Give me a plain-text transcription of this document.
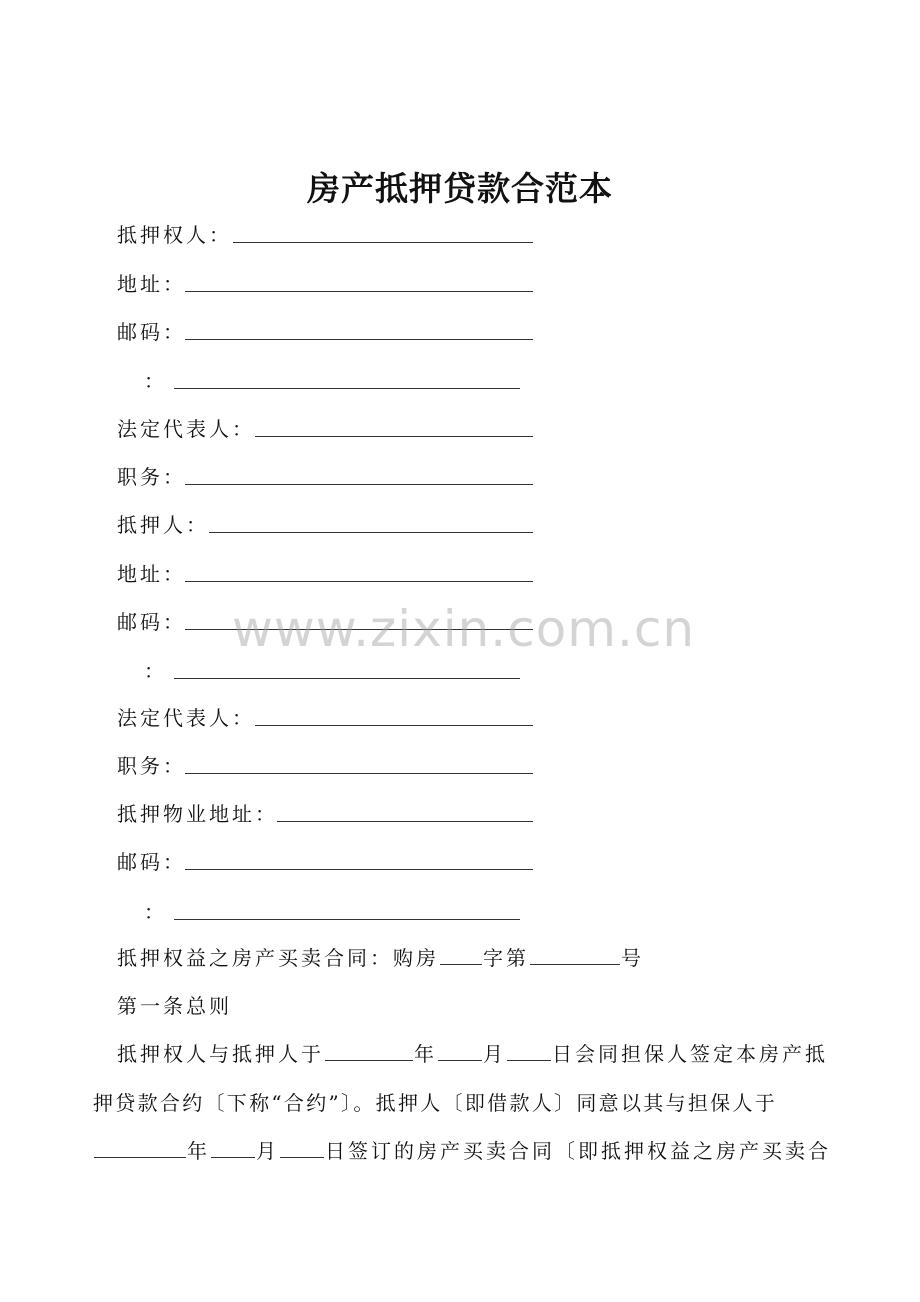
房产抵押贷款合范本
抵押权人：
地址：
邮码：
：
法定代表人：
职务：
抵押人：
地址：
邮码：
：
法定代表人：
职务：
抵押物业地址：
邮码：
：
抵押权益之房产买卖合同：购房 字第	号
第一条总则
抵押权人与抵押人于	年 月 日会同担保人签定本房产抵
押贷款合约〔下称“合约”〕。抵押人〔即借款人〕同意以其与担保人于
年 月 日签订的房产买卖合同〔即抵押权益之房产买卖合
www.zixin.com.cn
